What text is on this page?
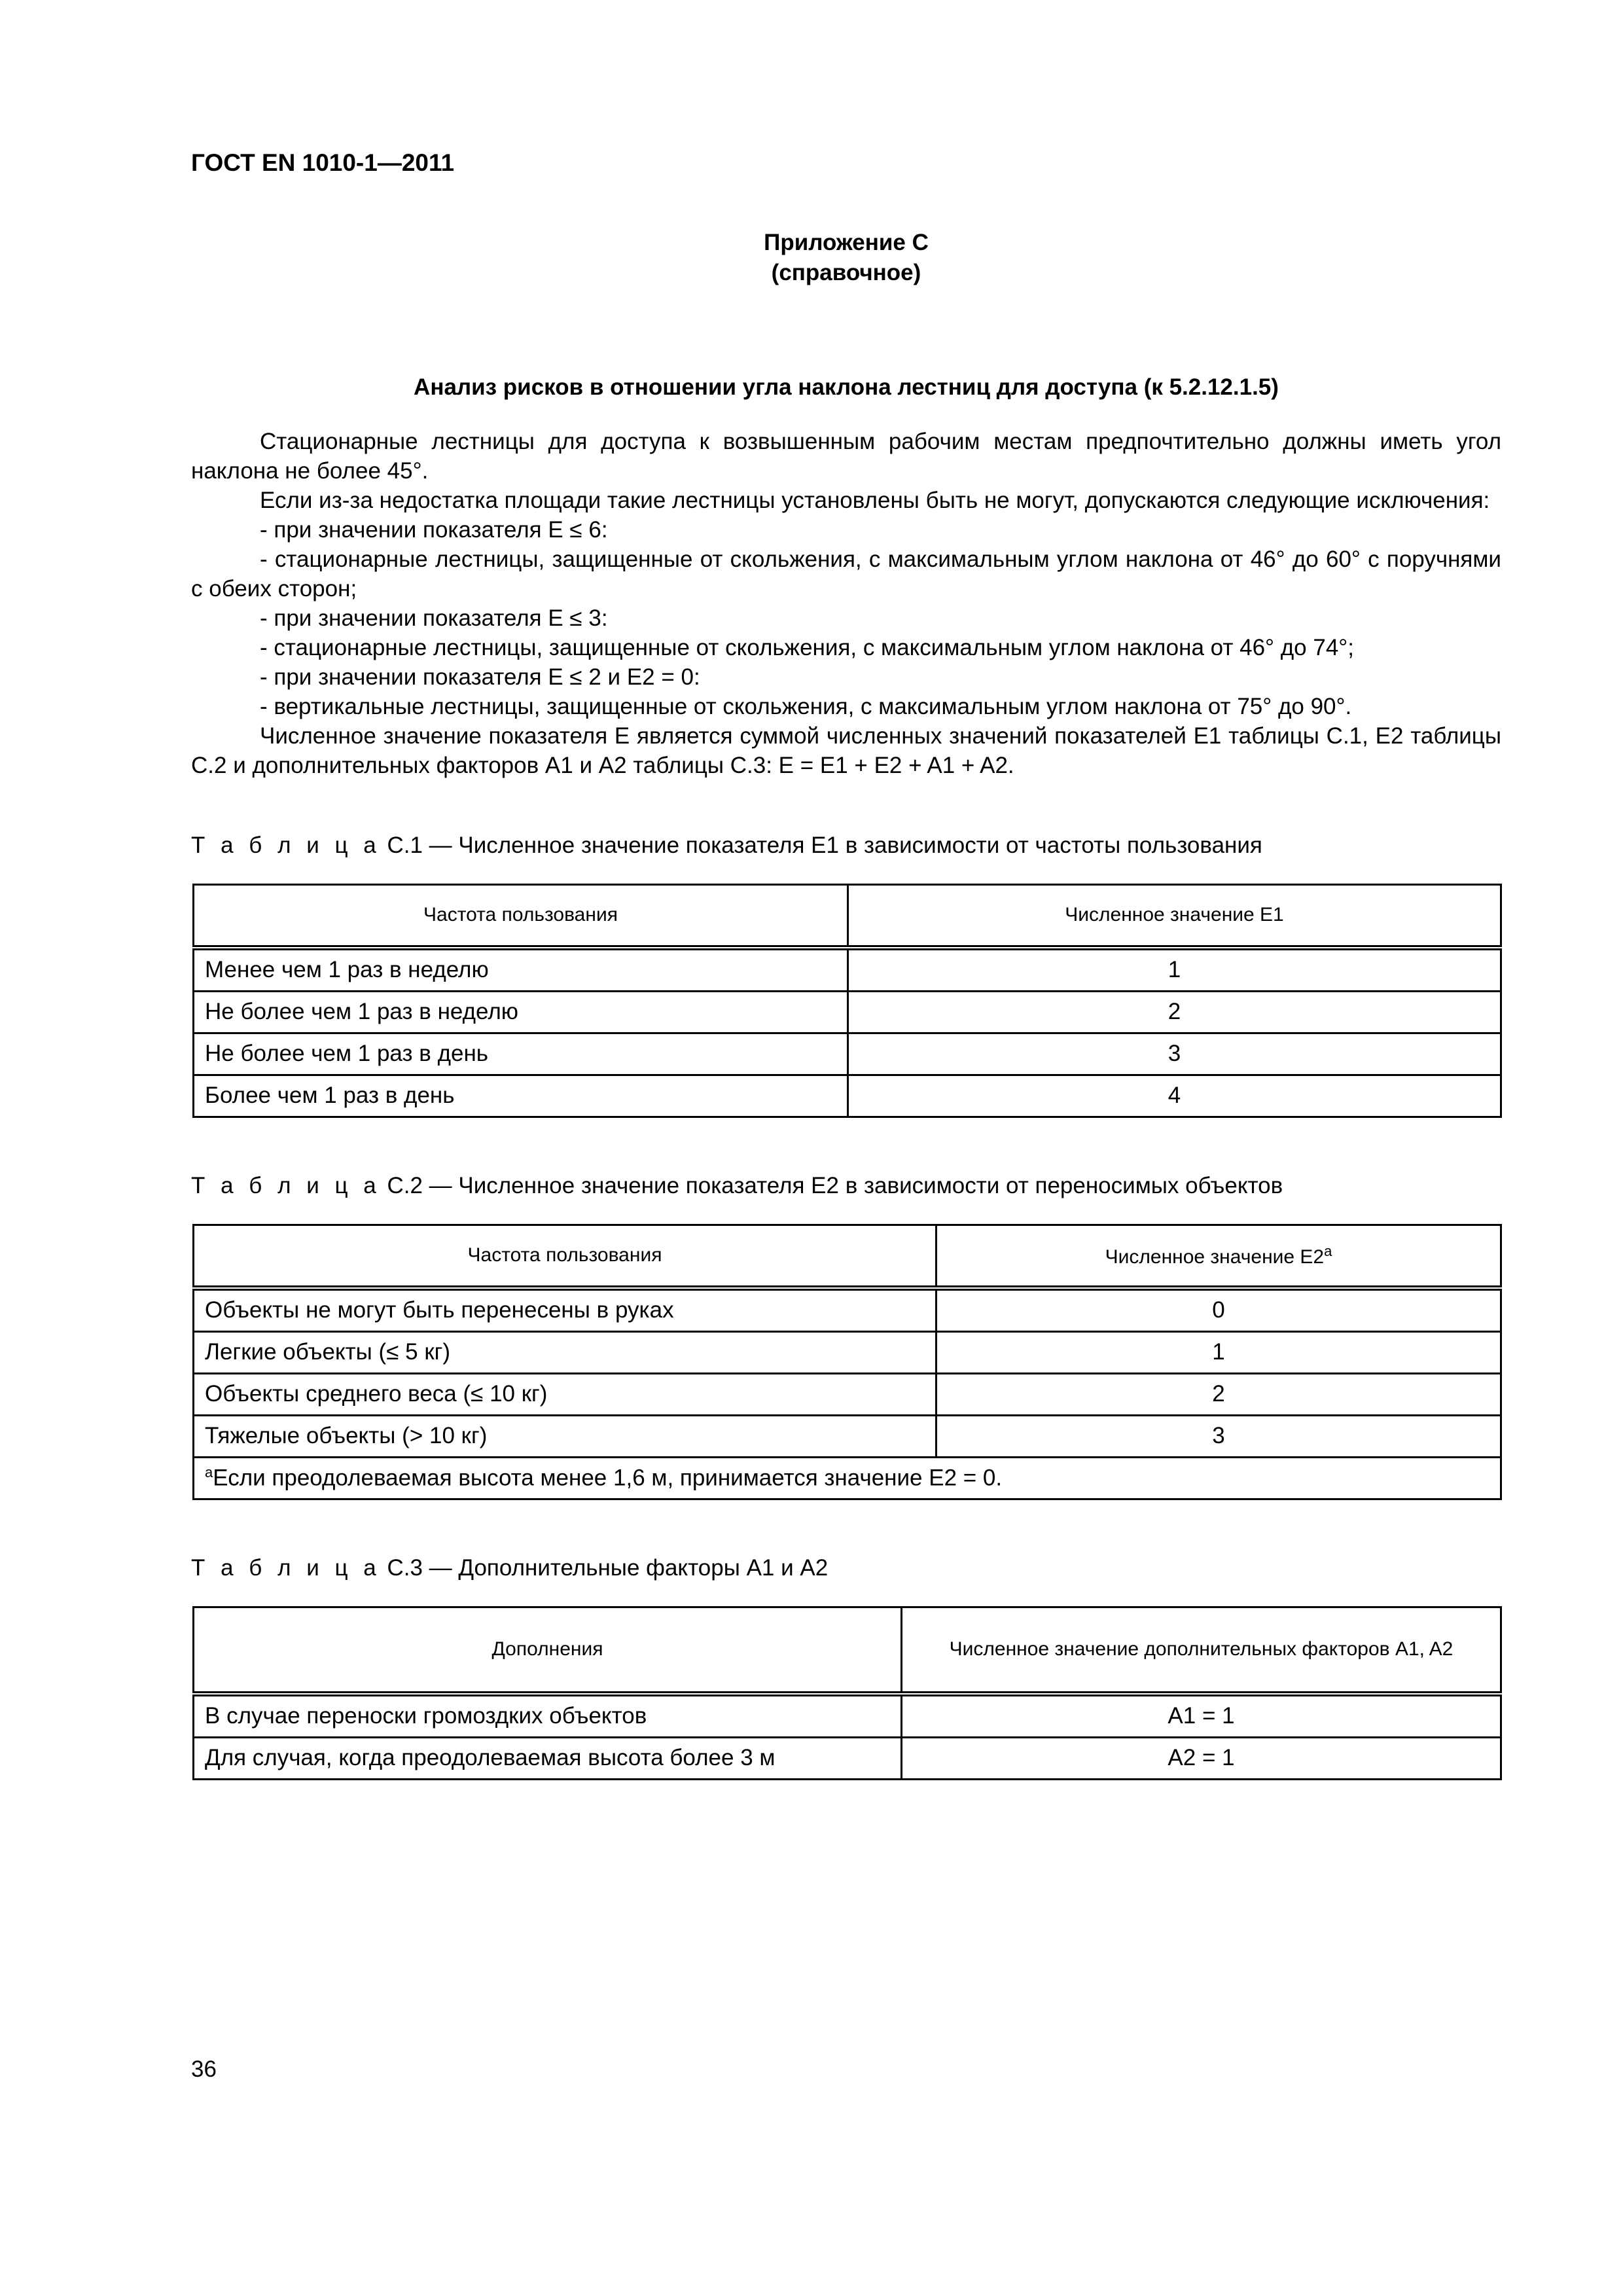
ГОСТ EN 1010-1—2011
Приложение C
(справочное)
Анализ рисков в отношении угла наклона лестниц для доступа (к 5.2.12.1.5)

Стационарные лестницы для доступа к возвышенным рабочим местам предпочтительно должны иметь угол наклона не более 45°.

Если из-за недостатка площади такие лестницы установлены быть не могут, допускаются следующие исключения:

- при значении показателя E ≤ 6:

- стационарные лестницы, защищенные от скольжения, с максимальным углом наклона от 46° до 60° с поручнями с обеих сторон;

- при значении показателя E ≤ 3:

- стационарные лестницы, защищенные от скольжения, с максимальным углом наклона от 46° до 74°;

- при значении показателя E ≤ 2 и E2 = 0:

- вертикальные лестницы, защищенные от скольжения, с максимальным углом наклона от 75° до 90°.

Численное значение показателя E является суммой численных значений показателей E1 таблицы C.1, E2 таблицы C.2 и дополнительных факторов A1 и A2 таблицы C.3: E = E1 + E2 + A1 + A2.

Т а б л и ц а C.1 — Численное значение показателя E1 в зависимости от частоты пользования
Частота пользования	Численное значение E1
Менее чем 1 раз в неделю	1
Не более чем 1 раз в неделю	2
Не более чем 1 раз в день	3
Более чем 1 раз в день	4
Т а б л и ц а C.2 — Численное значение показателя E2 в зависимости от переносимых объектов
Частота пользования	Численное значение E2$^a$
Объекты не могут быть перенесены в руках	0
Легкие объекты (≤ 5 кг)	1
Объекты среднего веса (≤ 10 кг)	2
Тяжелые объекты (> 10 кг)	3
$^a$Если преодолеваемая высота менее 1,6 м, принимается значение E2 = 0.	
Т а б л и ц а C.3 — Дополнительные факторы A1 и A2
Дополнения	Численное значение дополнительных факторов A1, A2
В случае переноски громоздких объектов	A1 = 1
Для случая, когда преодолеваемая высота более 3 м	A2 = 1
36
